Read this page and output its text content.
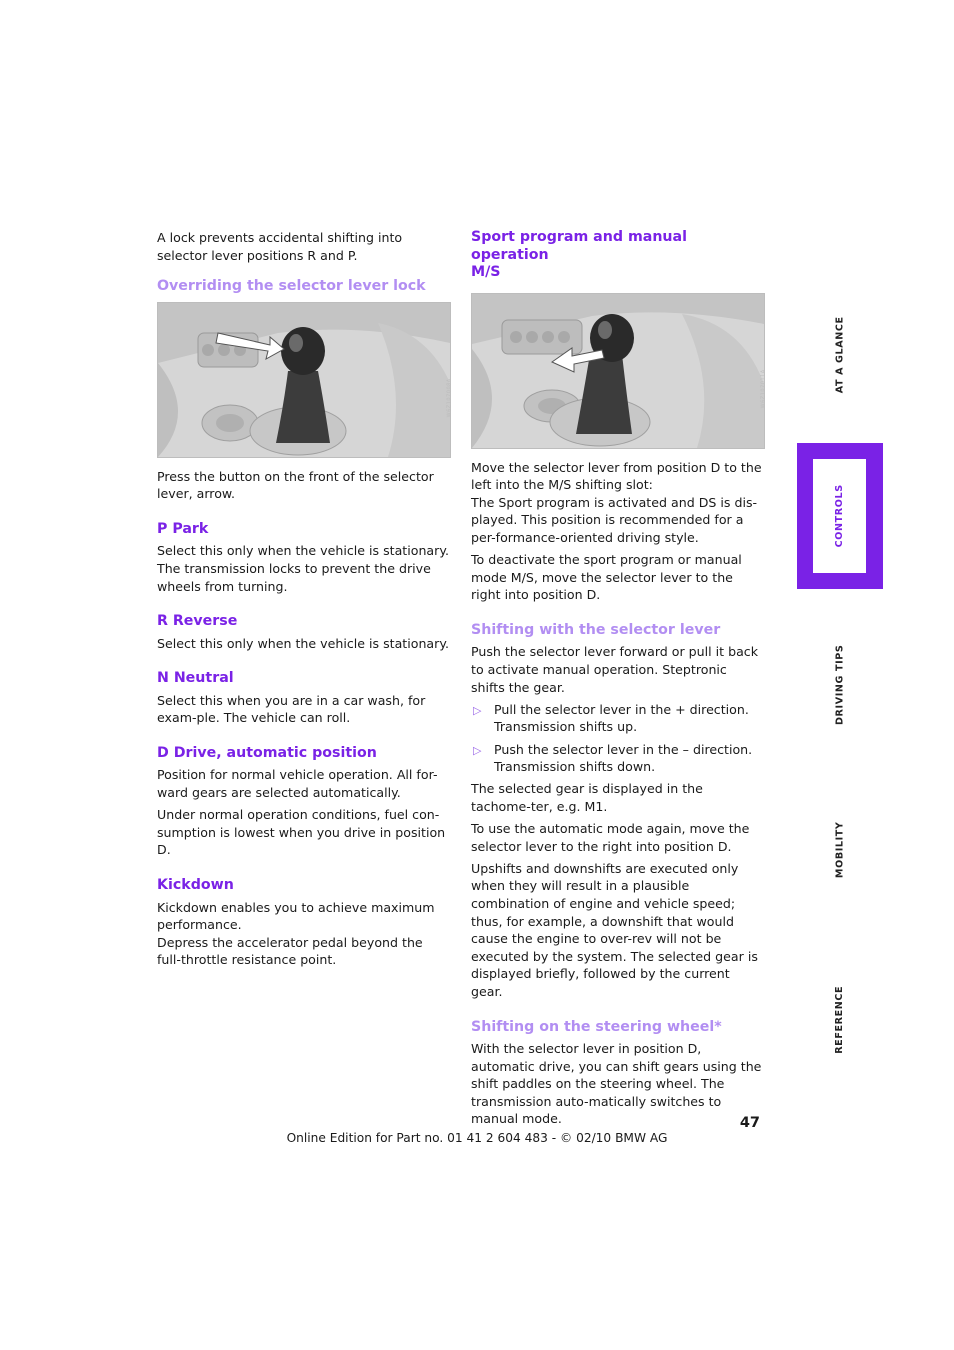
A lock prevents accidental shifting into selector lever positions R and P.

Overriding the selector lever lock
W6Z107008A

Press the button on the front of the selector lever, arrow.

P Park

Select this only when the vehicle is stationary. The transmission locks to prevent the drive wheels from turning.

R Reverse

Select this only when the vehicle is stationary.

N Neutral

Select this when you are in a car wash, for exam-ple. The vehicle can roll.

D Drive, automatic position

Position for normal vehicle operation. All for-ward gears are selected automatically.

Under normal operation conditions, fuel con-sumption is lowest when you drive in position D.

Kickdown

Kickdown enables you to achieve maximum performance.

Depress the accelerator pedal beyond the full-throttle resistance point.

Sport program and manual operation
M/S
W6Z107011A

Move the selector lever from position D to the left into the M/S shifting slot:

The Sport program is activated and DS is dis-played. This position is recommended for a per-formance-oriented driving style.

To deactivate the sport program or manual mode M/S, move the selector lever to the right into position D.

Shifting with the selector lever

Push the selector lever forward or pull it back to activate manual operation. Steptronic shifts the gear.

▷ Pull the selector lever in the + direction. Transmission shifts up.
▷ Push the selector lever in the – direction. Transmission shifts down.

The selected gear is displayed in the tachome-ter, e.g. M1.

To use the automatic mode again, move the selector lever to the right into position D.

Upshifts and downshifts are executed only when they will result in a plausible combination of engine and vehicle speed; thus, for example, a downshift that would cause the engine to over-rev will not be executed by the system. The selected gear is displayed briefly, followed by the current gear.

Shifting on the steering wheel*

With the selector lever in position D, automatic drive, you can shift gears using the shift paddles on the steering wheel. The transmission auto-matically switches to manual mode.

AT A GLANCE
CONTROLS
DRIVING TIPS
MOBILITY
REFERENCE
47
Online Edition for Part no. 01 41 2 604 483 - © 02/10 BMW AG
